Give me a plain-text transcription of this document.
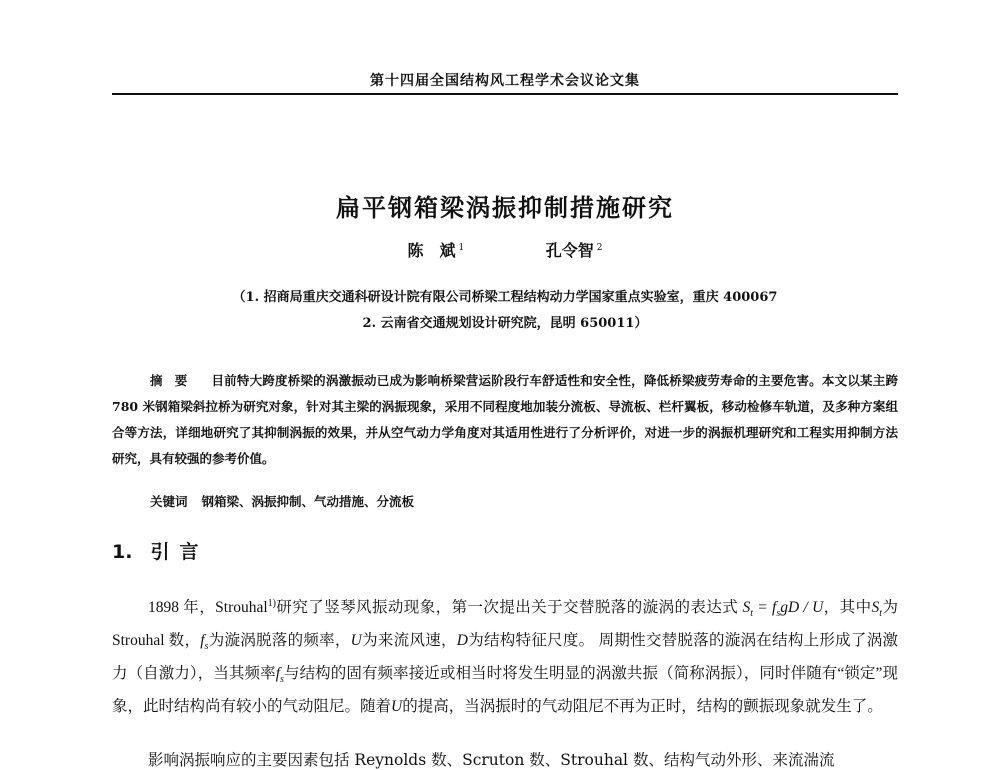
第十四届全国结构风工程学术会议论文集
扁平钢箱梁涡振抑制措施研究
陈　斌 $^1$	孔令智 $^2$
（1. 招商局重庆交通科研设计院有限公司桥梁工程结构动力学国家重点实验室，重庆 400067
2. 云南省交通规划设计研究院，昆明 650011）
摘要 目前特大跨度桥梁的涡激振动已成为影响桥梁营运阶段行车舒适性和安全性，降低桥梁疲劳寿命的主要危害。本文以某主跨 780 米钢箱梁斜拉桥为研究对象，针对其主梁的涡振现象，采用不同程度地加装分流板、导流板、栏杆翼板，移动检修车轨道，及多种方案组合等方法，详细地研究了其抑制涡振的效果，并从空气动力学角度对其适用性进行了分析评价，对进一步的涡振机理研究和工程实用抑制方法研究，具有较强的参考价值。
关键词 钢箱梁、涡振抑制、气动措施、分流板
1. 引言

1898 年，Strouhal$^{1)}$研究了竖琴风振动现象，第一次提出关于交替脱落的漩涡的表达式 $S_t = f_sgD / U$，其中$S_t$为 Strouhal 数，$f_s$为漩涡脱落的频率，U为来流风速，D为结构特征尺度。 周期性交替脱落的漩涡在结构上形成了涡激力（自激力），当其频率$f_s$与结构的固有频率接近或相当时将发生明显的涡激共振（简称涡振），同时伴随有“锁定”现象，此时结构尚有较小的气动阻尼。随着U的提高，当涡振时的气动阻尼不再为正时，结构的颤振现象就发生了。

影响涡振响应的主要因素包括 Reynolds 数、Scruton 数、Strouhal 数、结构气动外形、来流湍流
